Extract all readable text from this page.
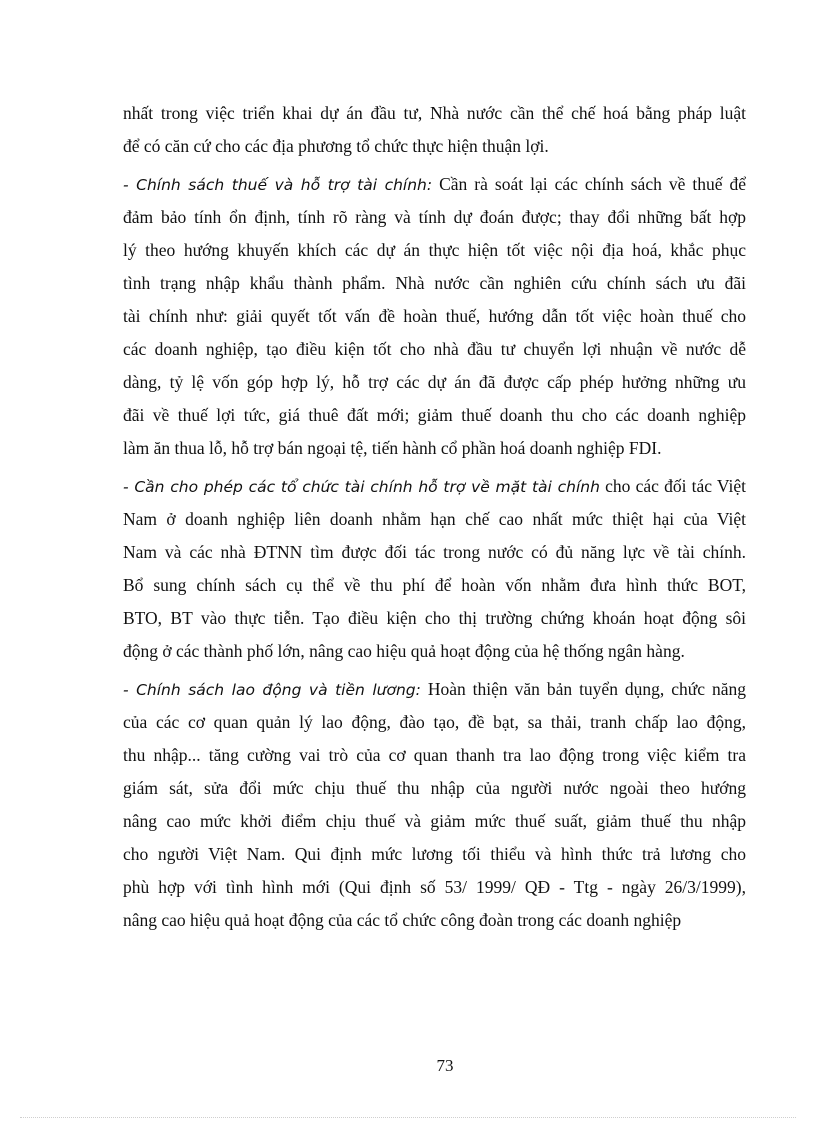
nhất trong việc triển khai dự án đầu tư, Nhà nước cần thể chế hoá bằng pháp luật
để có căn cứ cho các địa phương tổ chức thực hiện thuận lợi.
- Chính sách thuế và hỗ trợ tài chính: Cần rà soát lại các chính sách về thuế để
đảm bảo tính ổn định, tính rõ ràng và tính dự đoán được; thay đổi những bất hợp
lý theo hướng khuyến khích các dự án thực hiện tốt việc nội địa hoá, khắc phục
tình trạng nhập khẩu thành phẩm. Nhà nước cần nghiên cứu chính sách ưu đãi
tài chính như: giải quyết tốt vấn đề hoàn thuế, hướng dẫn tốt việc hoàn thuế cho
các doanh nghiệp, tạo điều kiện tốt cho nhà đầu tư chuyển lợi nhuận về nước dễ
dàng, tỷ lệ vốn góp hợp lý, hỗ trợ các dự án đã được cấp phép hưởng những ưu
đãi về thuế lợi tức, giá thuê đất mới; giảm thuế doanh thu cho các doanh nghiệp
làm ăn thua lỗ, hỗ trợ bán ngoại tệ, tiến hành cổ phần hoá doanh nghiệp FDI.
- Cần cho phép các tổ chức tài chính hỗ trợ về mặt tài chính cho các đối tác Việt
Nam ở doanh nghiệp liên doanh nhằm hạn chế cao nhất mức thiệt hại của Việt
Nam và các nhà ĐTNN tìm được đối tác trong nước có đủ năng lực về tài chính.
Bổ sung chính sách cụ thể về thu phí để hoàn vốn nhằm đưa hình thức BOT,
BTO, BT vào thực tiễn. Tạo điều kiện cho thị trường chứng khoán hoạt động sôi
động ở các thành phố lớn, nâng cao hiệu quả hoạt động của hệ thống ngân hàng.
- Chính sách lao động và tiền lương: Hoàn thiện văn bản tuyển dụng, chức năng
của các cơ quan quản lý lao động, đào tạo, đề bạt, sa thải, tranh chấp lao động,
thu nhập... tăng cường vai trò của cơ quan thanh tra lao động trong việc kiểm tra
giám sát, sửa đổi mức chịu thuế thu nhập của người nước ngoài theo hướng
nâng cao mức khởi điểm chịu thuế và giảm mức thuế suất, giảm thuế thu nhập
cho người Việt Nam. Qui định mức lương tối thiểu và hình thức trả lương cho
phù hợp với tình hình mới (Qui định số 53/ 1999/ QĐ - Ttg - ngày 26/3/1999),
nâng cao hiệu quả hoạt động của các tổ chức công đoàn trong các doanh nghiệp
73
